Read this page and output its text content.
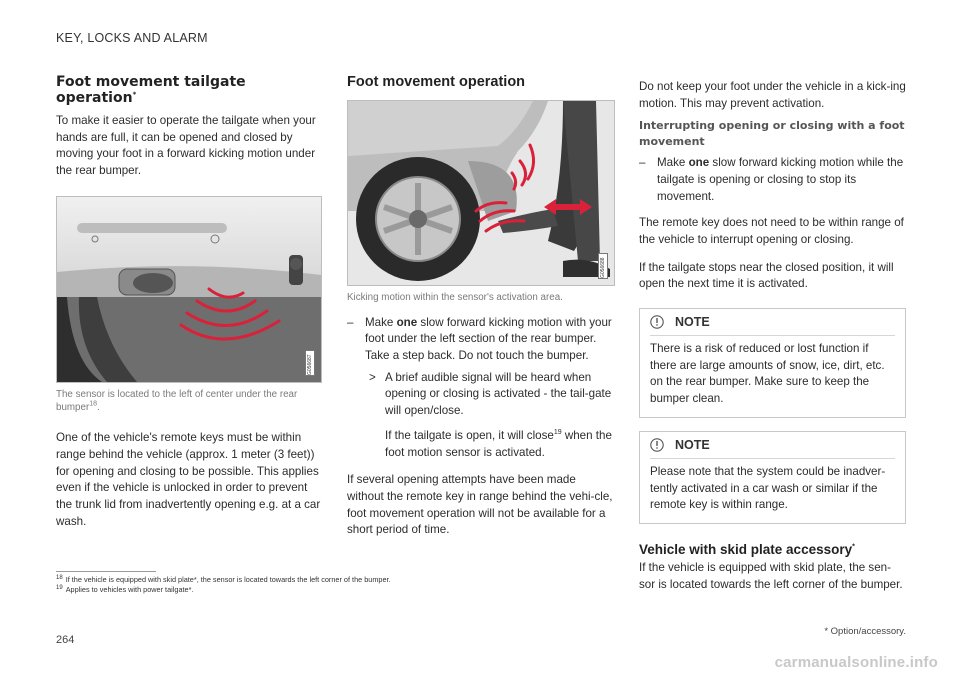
KEY, LOCKS AND ALARM
Foot movement tailgate operation*

To make it easier to operate the tailgate when your hands are full, it can be opened and closed by moving your foot in a forward kicking motion under the rear bumper.

G056687
The sensor is located to the left of center under the rear bumper$^{18}$.

One of the vehicle's remote keys must be within range behind the vehicle (approx. 1 meter (3 feet)) for opening and closing to be possible. This applies even if the vehicle is unlocked in order to prevent the trunk lid from inadvertently opening e.g. at a car wash.

Foot movement operation
G056688
Kicking motion within the sensor's activation area.
– Make one slow forward kicking motion with your foot under the left section of the rear bumper. Take a step back. Do not touch the bumper.
> A brief audible signal will be heard when opening or closing is activated - the tail-gate will open/close.
If the tailgate is open, it will close$^{19}$ when the foot motion sensor is activated.

If several opening attempts have been made without the remote key in range behind the vehi-cle, foot movement operation will not be available for a short period of time.

Do not keep your foot under the vehicle in a kick-ing motion. This may prevent activation.

Interrupting opening or closing with a foot movement
– Make one slow forward kicking motion while the tailgate is opening or closing to stop its movement.

The remote key does not need to be within range of the vehicle to interrupt opening or closing.

If the tailgate stops near the closed position, it will open the next time it is activated.

NOTE
There is a risk of reduced or lost function if there are large amounts of snow, ice, dirt, etc. on the rear bumper. Make sure to keep the bumper clean.
NOTE
Please note that the system could be inadver-tently activated in a car wash or similar if the remote key is within range.
Vehicle with skid plate accessory*

If the vehicle is equipped with skid plate, the sen-sor is located towards the left corner of the bumper.

$^{18}$ If the vehicle is equipped with skid plate*, the sensor is located towards the left corner of the bumper.
$^{19}$ Applies to vehicles with power tailgate*.
* Option/accessory.
264
carmanualsonline.info
